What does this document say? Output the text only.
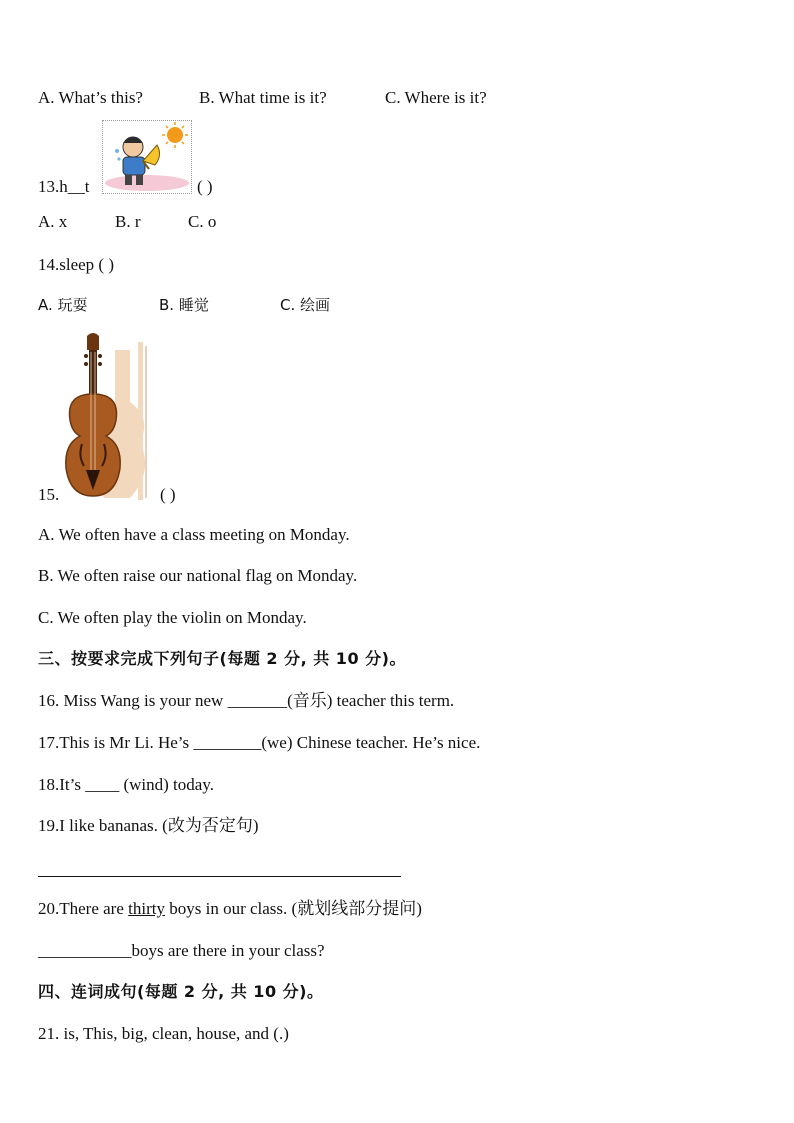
A. What’s this?	B. What time is it?	C. Where is it?
13.h__t	( )
A. x	B. r	C. o
14.sleep ( )
A. 玩耍	B. 睡觉	C. 绘画
15.	( )
A. We often have a class meeting on Monday.
B. We often raise our national flag on Monday.
C. We often play the violin on Monday.
三、按要求完成下列句子(每题 2 分, 共 10 分)。
16. Miss Wang is your new _______(音乐) teacher this term.
17.This is Mr Li. He’s ________(we) Chinese teacher. He’s nice.
18.It’s ____ (wind) today.
19.I like bananas. (改为否定句)
20.There are thirty boys in our class. (就划线部分提问)
___________boys are there in your class?
四、连词成句(每题 2 分, 共 10 分)。
21. is, This, big, clean, house, and (.)
